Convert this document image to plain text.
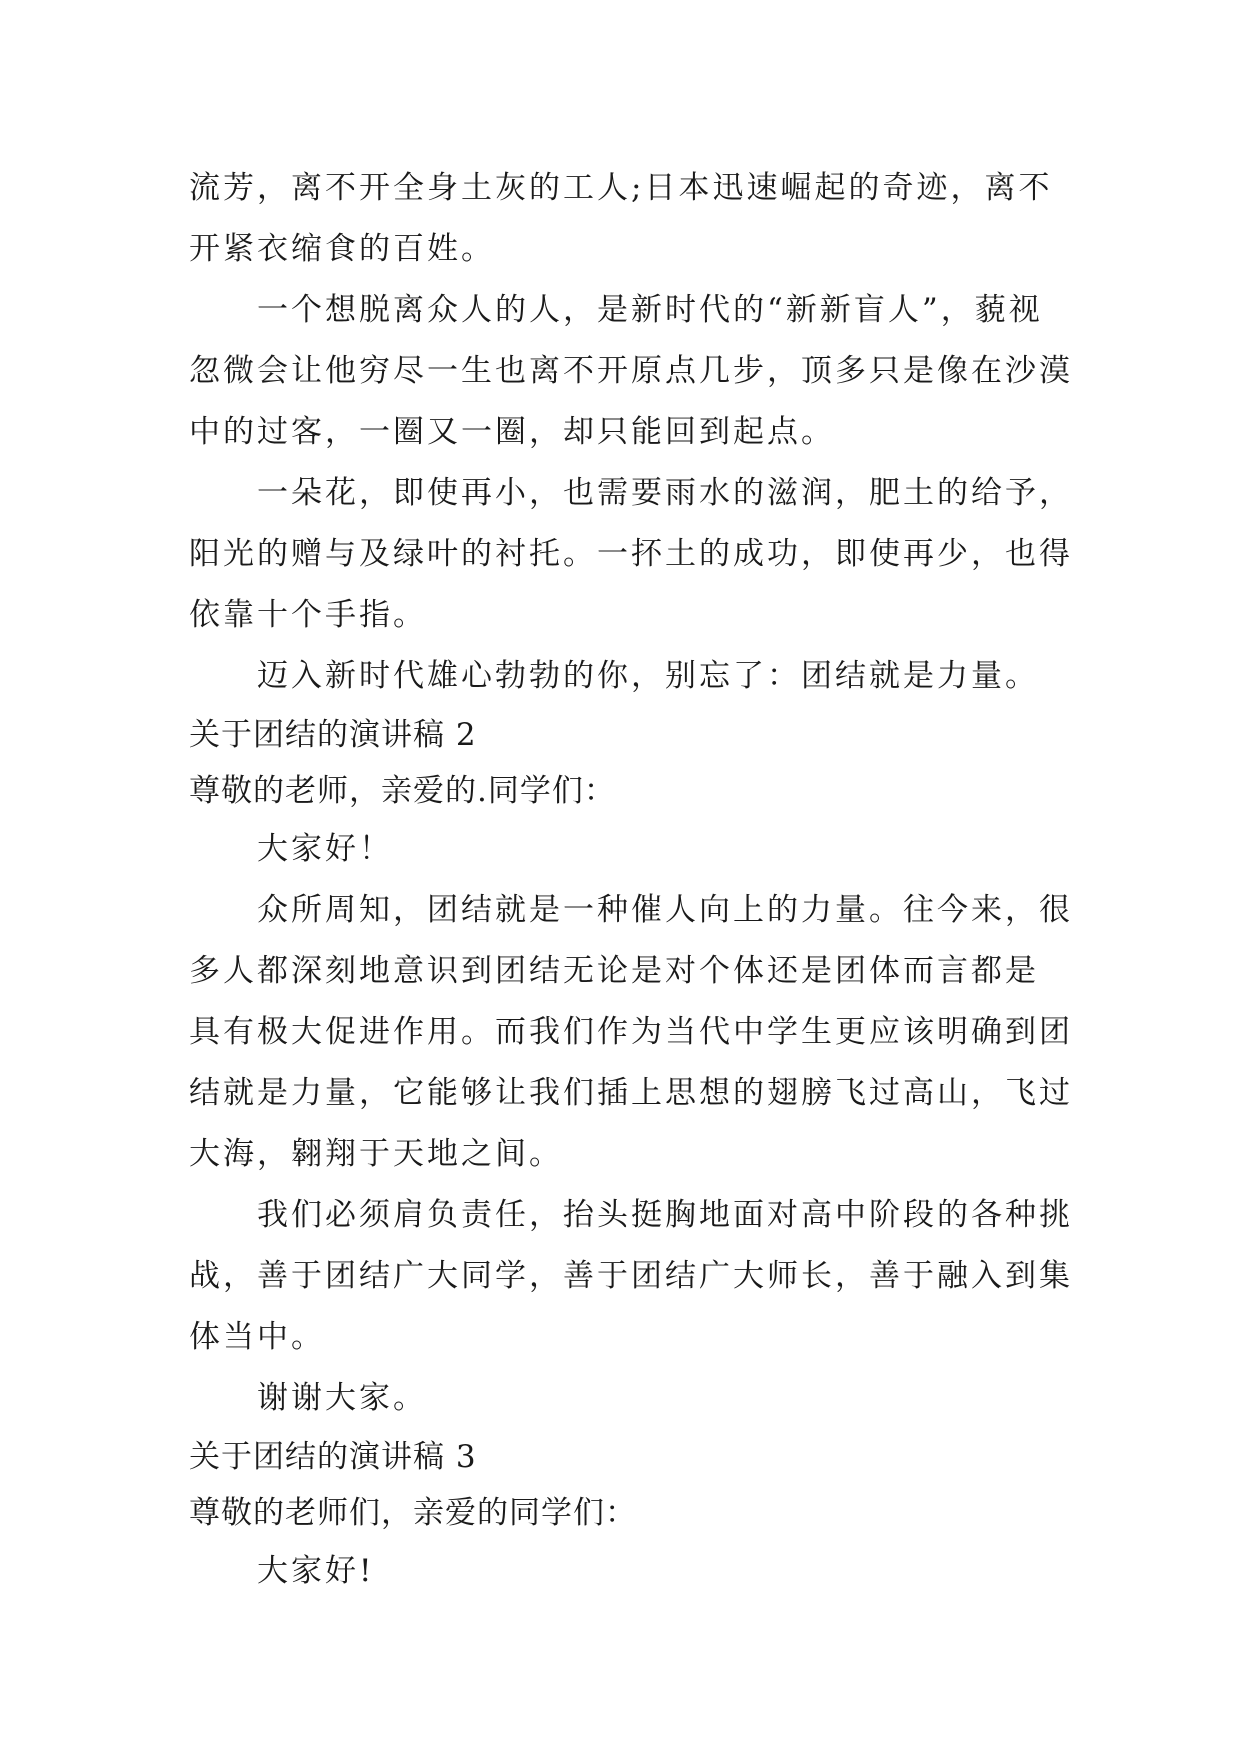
流芳，离不开全身土灰的工人;日本迅速崛起的奇迹，离不
开紧衣缩食的百姓。
一个想脱离众人的人，是新时代的“新新盲人”，藐视
忽微会让他穷尽一生也离不开原点几步，顶多只是像在沙漠
中的过客，一圈又一圈，却只能回到起点。
一朵花，即使再小，也需要雨水的滋润，肥土的给予，
阳光的赠与及绿叶的衬托。一抔土的成功，即使再少，也得
依靠十个手指。
迈入新时代雄心勃勃的你，别忘了：团结就是力量。
关于团结的演讲稿 2
尊敬的老师，亲爱的.同学们：
大家好！
众所周知，团结就是一种催人向上的力量。往今来，很
多人都深刻地意识到团结无论是对个体还是团体而言都是
具有极大促进作用。而我们作为当代中学生更应该明确到团
结就是力量，它能够让我们插上思想的翅膀飞过高山，飞过
大海，翱翔于天地之间。
我们必须肩负责任，抬头挺胸地面对高中阶段的各种挑
战，善于团结广大同学，善于团结广大师长，善于融入到集
体当中。
谢谢大家。
关于团结的演讲稿 3
尊敬的老师们，亲爱的同学们：
大家好!
